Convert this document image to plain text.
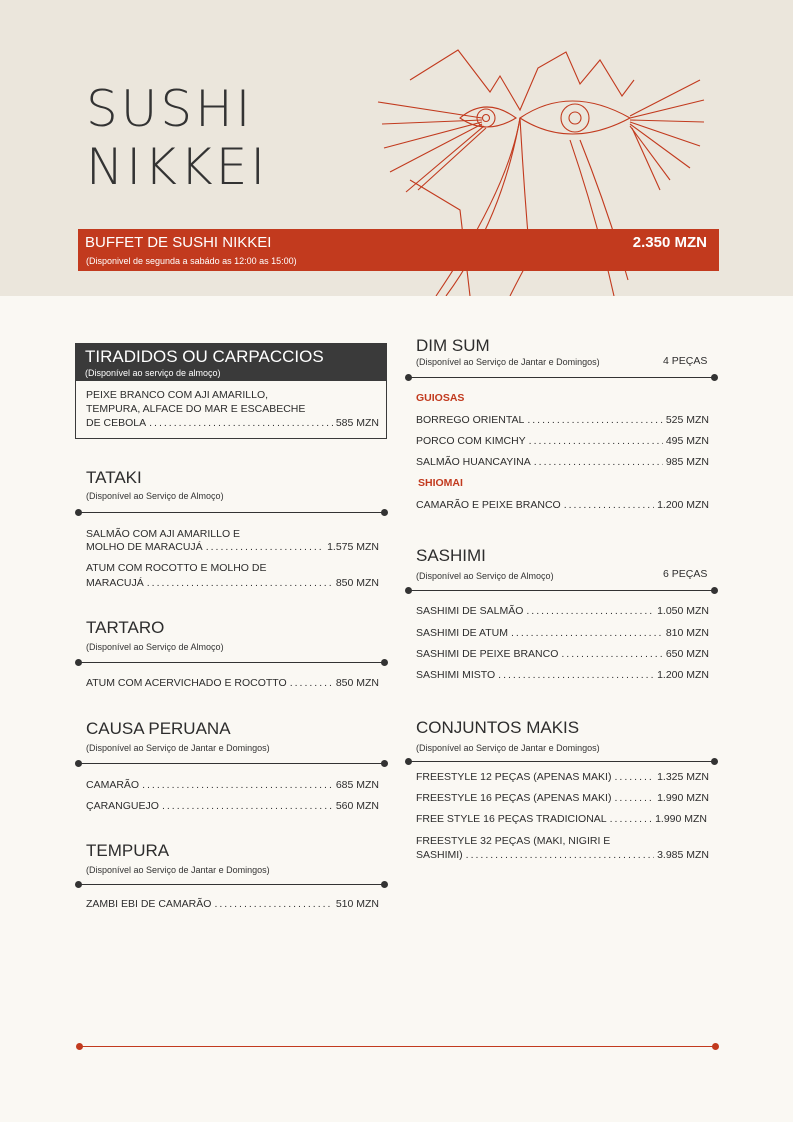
SUSHI
NIKKEI
BUFFET DE SUSHI NIKKEI
(Disponivel de segunda a sabádo as 12:00 as 15:00)
2.350 MZN
TIRADIDOS OU CARPACCIOS
(Disponível ao serviço de almoço)
PEIXE BRANCO COM AJI AMARILLO,
TEMPURA, ALFACE DO MAR E ESCABECHE
DE CEBOLA .....	585 MZN
TATAKI
(Disponível ao Serviço de Almoço)
SALMÃO COM AJI AMARILLO E
MOLHO DE MARACUJÁ .....	1.575 MZN
ATUM COM ROCOTTO E MOLHO DE
MARACUJÁ .....	850 MZN
TARTARO
(Disponível ao Serviço de Almoço)
ATUM COM ACERVICHADO E ROCOTTO .....	850 MZN
CAUSA PERUANA
(Disponível ao Serviço de Jantar e Domingos)
CAMARÃO .....	685 MZN
ÇARANGUEJO .....	560 MZN
TEMPURA
(Disponível ao Serviço de Jantar e Domingos)
ZAMBI EBI DE CAMARÃO .....	510 MZN
DIM SUM
(Disponível ao Serviço de Jantar e Domingos)	4 PEÇAS
GUIOSAS
BORREGO ORIENTAL .....	525 MZN
PORCO COM KIMCHY .....	495 MZN
SALMÃO HUANCAYINA .....	985 MZN
SHIOMAI
CAMARÃO E PEIXE BRANCO .....	1.200 MZN
SASHIMI
(Disponível ao Serviço de Almoço)	6 PEÇAS
SASHIMI DE SALMÃO .....	1.050 MZN
SASHIMI DE ATUM .....	810 MZN
SASHIMI DE PEIXE BRANCO .....	650 MZN
SASHIMI MISTO .....	1.200 MZN
CONJUNTOS MAKIS
(Disponível ao Serviço de Jantar e Domingos)
FREESTYLE 12 PEÇAS (APENAS MAKI) .....	1.325 MZN
FREESTYLE 16 PEÇAS (APENAS MAKI) .....	1.990 MZN
FREE STYLE 16 PEÇAS TRADICIONAL .....	1.990 MZN
FREESTYLE 32 PEÇAS (MAKI, NIGIRI E
SASHIMI) .....	3.985 MZN
